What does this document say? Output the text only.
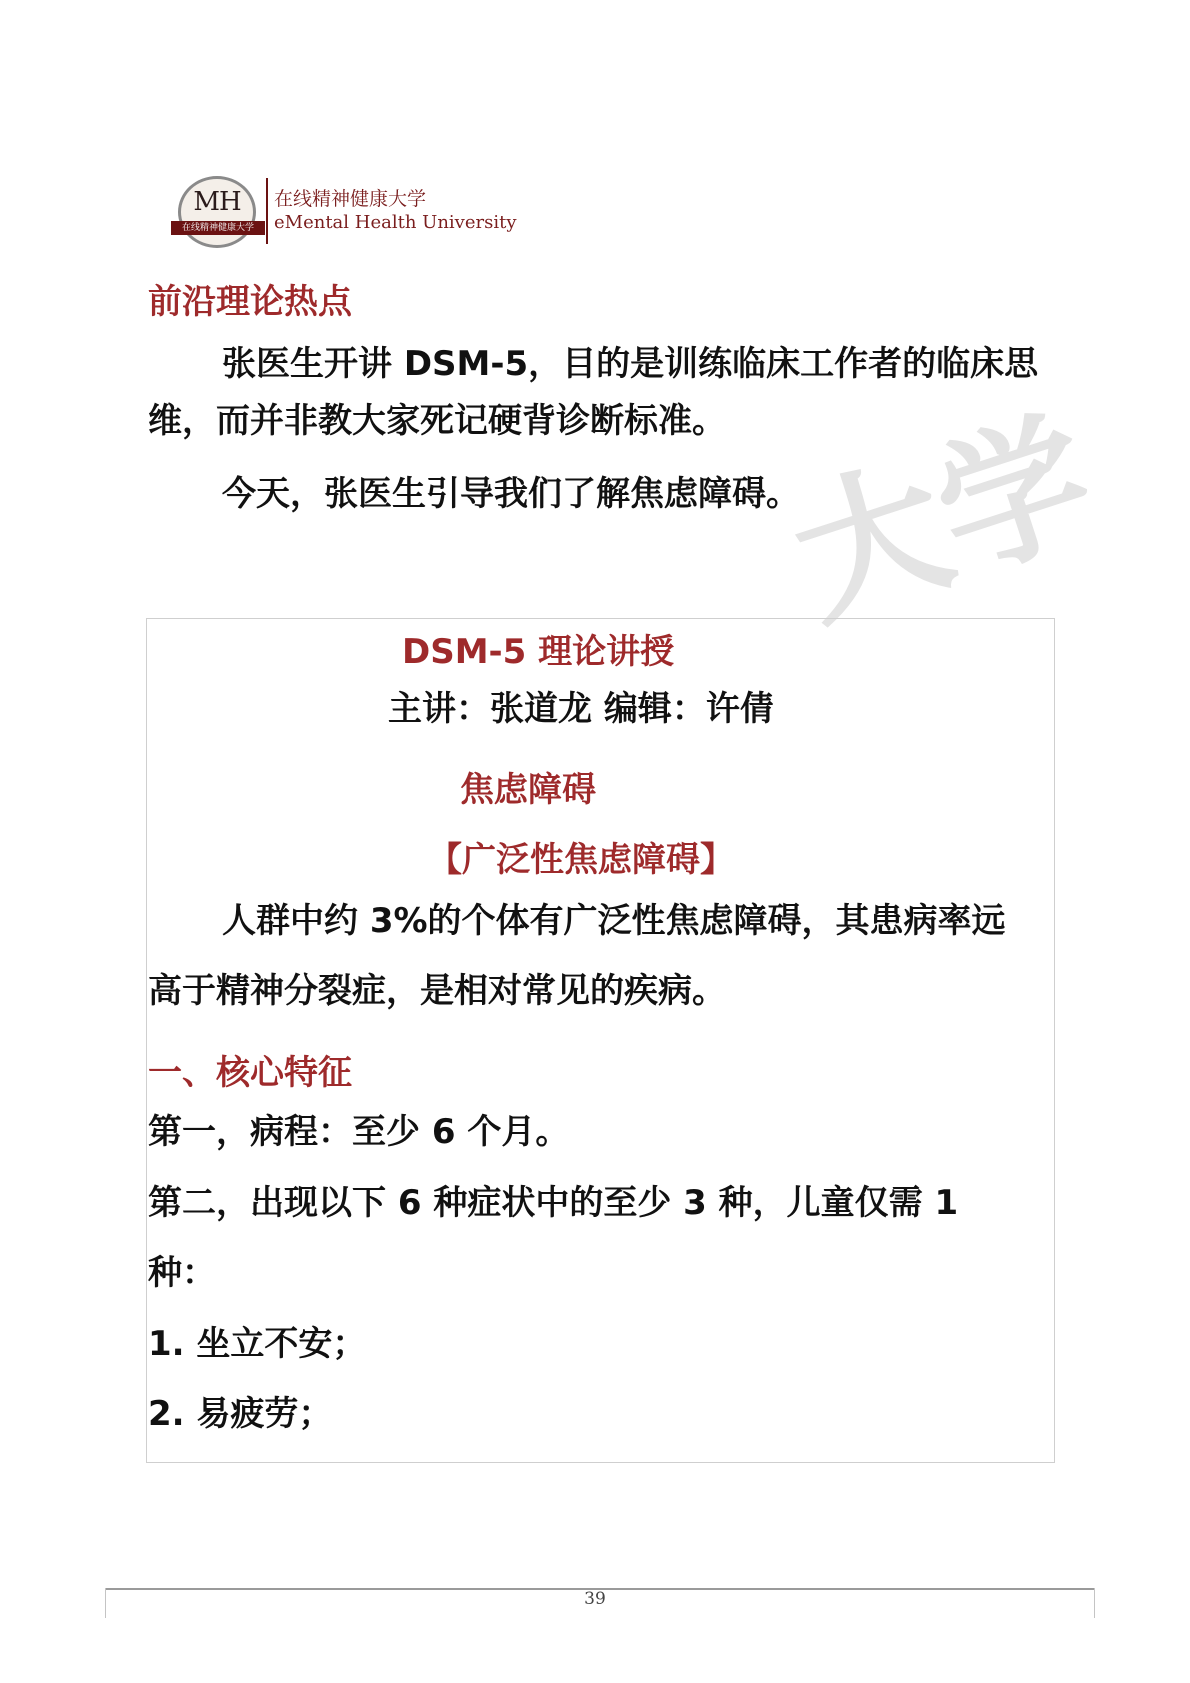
MH
在线精神健康大学
在线精神健康大学
eMental Health University
前沿理论热点
张医生开讲 DSM-5，目的是训练临床工作者的临床思
维，而并非教大家死记硬背诊断标准。
今天，张医生引导我们了解焦虑障碍。
大学
DSM-5 理论讲授
主讲：张道龙 编辑：许倩
焦虑障碍
【广泛性焦虑障碍】
人群中约 3%的个体有广泛性焦虑障碍，其患病率远
高于精神分裂症，是相对常见的疾病。
一、核心特征
第一，病程：至少 6 个月。
第二，出现以下 6 种症状中的至少 3 种，儿童仅需 1
种：
1. 坐立不安；
2. 易疲劳；
39
